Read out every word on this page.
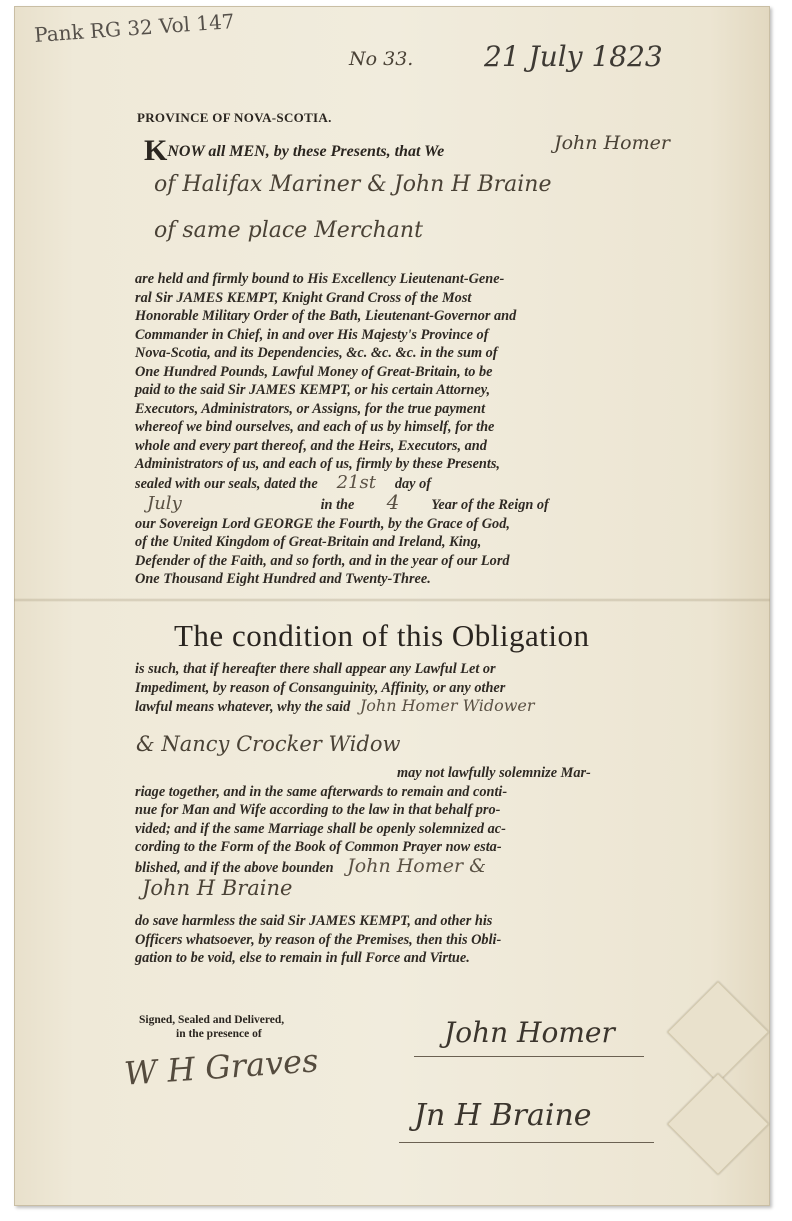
Pank RG 32 Vol 147
No 33.	21 July 1823
PROVINCE OF NOVA-SCOTIA.
KNOW all MEN, by these Presents, that We	John Homer
of Halifax Mariner & John H Braine
of same place Merchant
are held and firmly bound to His Excellency Lieutenant-Gene-
ral Sir JAMES KEMPT, Knight Grand Cross of the Most
Honorable Military Order of the Bath, Lieutenant-Governor and
Commander in Chief, in and over His Majesty's Province of
Nova-Scotia, and its Dependencies, &c. &c. &c. in the sum of
One Hundred Pounds, Lawful Money of Great-Britain, to be
paid to the said Sir JAMES KEMPT, or his certain Attorney,
Executors, Administrators, or Assigns, for the true payment
whereof we bind ourselves, and each of us by himself, for the
whole and every part thereof, and the Heirs, Executors, and
Administrators of us, and each of us, firmly by these Presents,
sealed with our seals, dated the 21st day of
July	in the 4 Year of the Reign of
our Sovereign Lord GEORGE the Fourth, by the Grace of God,
of the United Kingdom of Great-Britain and Ireland, King,
Defender of the Faith, and so forth, and in the year of our Lord
One Thousand Eight Hundred and Twenty-Three.
The condition of this Obligation
is such, that if hereafter there shall appear any Lawful Let or
Impediment, by reason of Consanguinity, Affinity, or any other
lawful means whatever, why the said John Homer Widower
& Nancy Crocker Widow
may not lawfully solemnize Mar-
riage together, and in the same afterwards to remain and conti-
nue for Man and Wife according to the law in that behalf pro-
vided; and if the same Marriage shall be openly solemnized ac-
cording to the Form of the Book of Common Prayer now esta-
blished, and if the above bounden John Homer &
John H Braine
do save harmless the said Sir JAMES KEMPT, and other his
Officers whatsoever, by reason of the Premises, then this Obli-
gation to be void, else to remain in full Force and Virtue.
Signed, Sealed and Delivered,
in the presence of
W H Graves
John Homer
Jn H Braine
